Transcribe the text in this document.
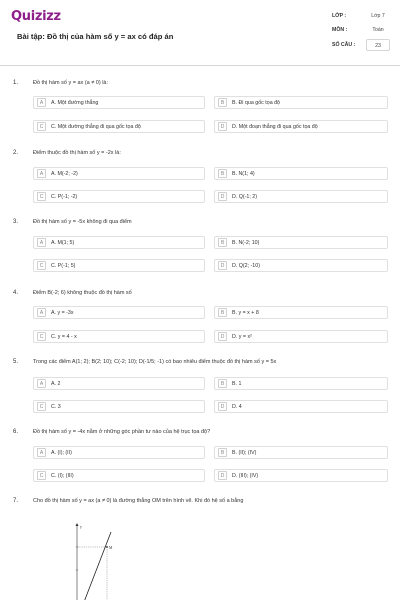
Quizizz
Bài tập: Đồ thị của hàm số y = ax có đáp án
LỚP :	Lớp 7
MÔN :	Toán
SỐ CÂU :	23
1.	Đồ thị hàm số y = ax (a ≠ 0) là:
A	A. Một đường thẳng	B	B. Đi qua gốc tọa độ
C	C. Một đường thẳng đi qua gốc tọa độ	D	D. Một đoạn thẳng đi qua gốc tọa độ
2.	Điểm thuộc đồ thị hàm số y = -2x là:
A	A. M(-2; -2)	B	B. N(1; 4)
C	C. P(-1; -2)	D	D. Q(-1; 2)
3.	Đồ thị hàm số y = -5x không đi qua điểm
A	A. M(1; 5)	B	B. N(-2; 10)
C	C. P(-1; 5)	D	D. Q(2; -10)
4.	Điểm B(-2; 6) không thuộc đồ thị hàm số
A	A. y = -3x	B	B. y = x + 8
C	C. y = 4 - x	D	D. y = x²
5.	Trong các điểm A(1; 2); B(2; 10); C(-2; 10); D(-1/5; -1) có bao nhiêu điểm thuộc đồ thị hàm số y = 5x
A	A. 2	B	B. 1
C	C. 3	D	D. 4
6.	Đồ thị hàm số y = -4x nằm ở những góc phần tư nào của hệ trục tọa độ?
A	A. (I); (II)	B	B. (II); (IV)
C	C. (I); (III)	D	D. (III); (IV)
7.	Cho đồ thị hàm số y = ax (a ≠ 0) là đường thẳng OM trên hình vẽ. Khi đó hệ số a bằng
y
M
